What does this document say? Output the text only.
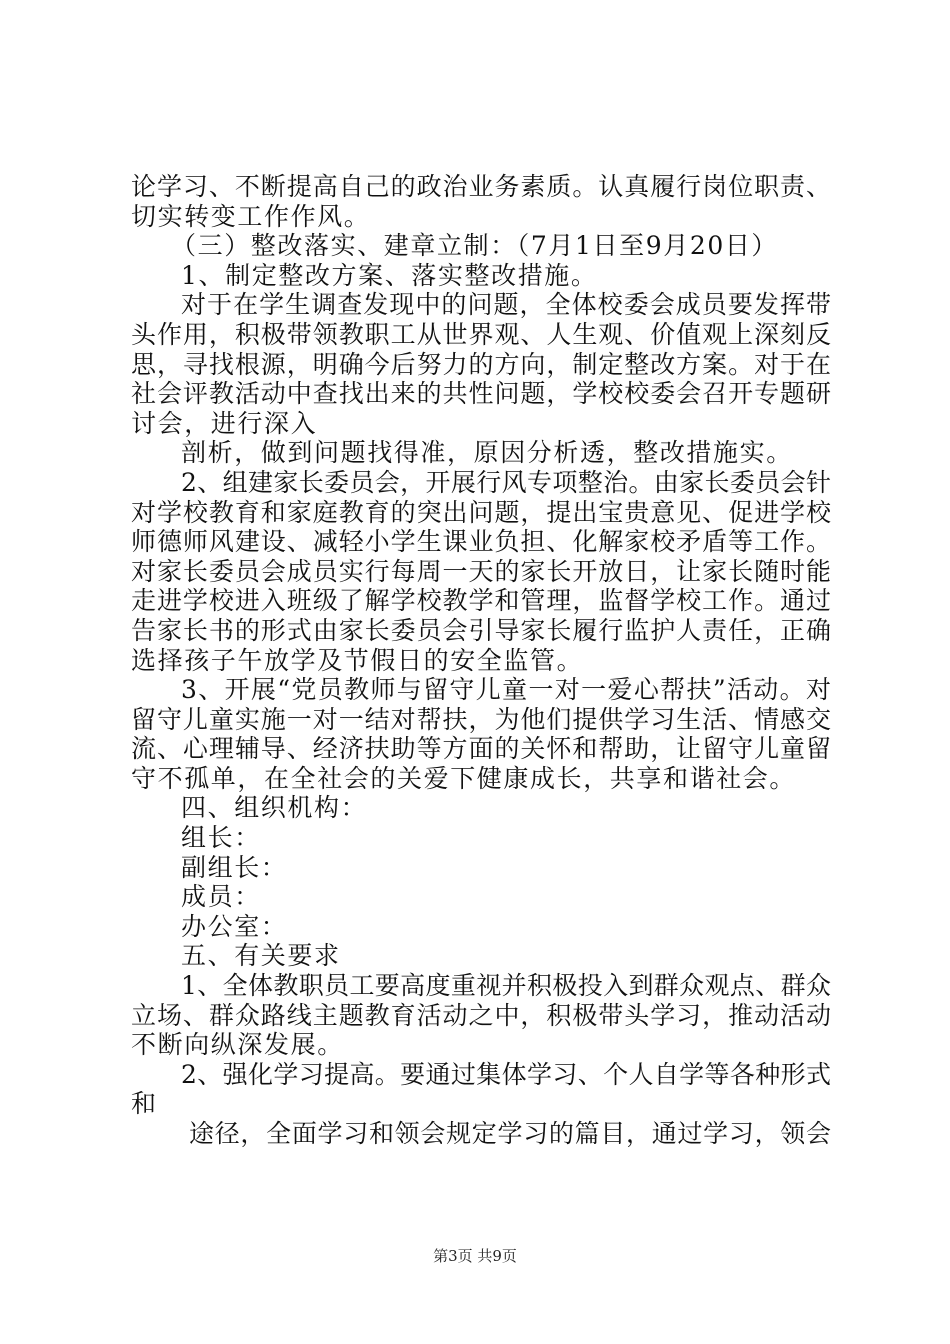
论学习、不断提高自己的政治业务素质。认真履行岗位职责、
切实转变工作作风。
（三）整改落实、建章立制：（7月1日至9月20日）
1、制定整改方案、落实整改措施。
对于在学生调查发现中的问题，全体校委会成员要发挥带
头作用，积极带领教职工从世界观、人生观、价值观上深刻反
思，寻找根源，明确今后努力的方向，制定整改方案。对于在
社会评教活动中查找出来的共性问题，学校校委会召开专题研
讨会，进行深入
剖析，做到问题找得准，原因分析透，整改措施实。
2、组建家长委员会，开展行风专项整治。由家长委员会针
对学校教育和家庭教育的突出问题，提出宝贵意见、促进学校
师德师风建设、减轻小学生课业负担、化解家校矛盾等工作。
对家长委员会成员实行每周一天的家长开放日，让家长随时能
走进学校进入班级了解学校教学和管理，监督学校工作。通过
告家长书的形式由家长委员会引导家长履行监护人责任，正确
选择孩子午放学及节假日的安全监管。
3、开展“党员教师与留守儿童一对一爱心帮扶”活动。对
留守儿童实施一对一结对帮扶，为他们提供学习生活、情感交
流、心理辅导、经济扶助等方面的关怀和帮助，让留守儿童留
守不孤单，在全社会的关爱下健康成长，共享和谐社会。
四、组织机构：
组长：
副组长：
成员：
办公室：
五、有关要求
1、全体教职员工要高度重视并积极投入到群众观点、群众
立场、群众路线主题教育活动之中，积极带头学习，推动活动
不断向纵深发展。
2、强化学习提高。要通过集体学习、个人自学等各种形式
和
途径，全面学习和领会规定学习的篇目，通过学习，领会
第3页 共9页
